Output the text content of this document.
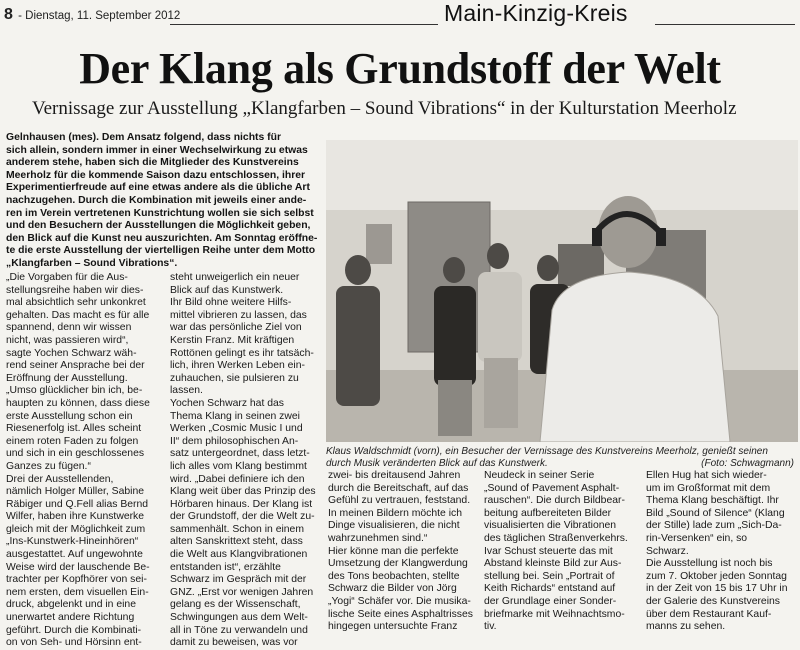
8 - Dienstag, 11. September 2012	Main-Kinzig-Kreis
Der Klang als Grundstoff der Welt
Vernissage zur Ausstellung „Klangfarben – Sound Vibrations“ in der Kulturstation Meerholz
Gelnhausen (mes). Dem Ansatz folgend, dass nichts für
sich allein, sondern immer in einer Wechselwirkung zu etwas
anderem stehe, haben sich die Mitglieder des Kunstvereins
Meerholz für die kommende Saison dazu entschlossen, ihrer
Experimentierfreude auf eine etwas andere als die übliche Art
nachzugehen. Durch die Kombination mit jeweils einer ande-
ren im Verein vertretenen Kunstrichtung wollen sie sich selbst
und den Besuchern der Ausstellungen die Möglichkeit geben,
den Blick auf die Kunst neu auszurichten. Am Sonntag eröffne-
te die erste Ausstellung der viertelligen Reihe unter dem Motto
„Klangfarben – Sound Vibrations“.
„Die Vorgaben für die Aus-
stellungsreihe haben wir dies-
mal absichtlich sehr unkonkret
gehalten. Das macht es für alle
spannend, denn wir wissen
nicht, was passieren wird“,
sagte Yochen Schwarz wäh-
rend seiner Ansprache bei der
Eröffnung der Ausstellung.
„Umso glücklicher bin ich, be-
haupten zu können, dass diese
erste Ausstellung schon ein
Riesenerfolg ist. Alles scheint
einem roten Faden zu folgen
und sich in ein geschlossenes
Ganzes zu fügen.“
Drei der Ausstellenden,
nämlich Holger Müller, Sabine
Räbiger und Q.Fell alias Bernd
Wilfer, haben ihre Kunstwerke
gleich mit der Möglichkeit zum
„Ins-Kunstwerk-Hineinhören“
ausgestattet. Auf ungewohnte
Weise wird der lauschende Be-
trachter per Kopfhörer von sei-
nem ersten, dem visuellen Ein-
druck, abgelenkt und in eine
unerwartet andere Richtung
geführt. Durch die Kombinati-
on von Seh- und Hörsinn ent-
steht unweigerlich ein neuer
Blick auf das Kunstwerk.
Ihr Bild ohne weitere Hilfs-
mittel vibrieren zu lassen, das
war das persönliche Ziel von
Kerstin Franz. Mit kräftigen
Rottönen gelingt es ihr tatsäch-
lich, ihren Werken Leben ein-
zuhauchen, sie pulsieren zu
lassen.
Yochen Schwarz hat das
Thema Klang in seinen zwei
Werken „Cosmic Music I und
II“ dem philosophischen An-
satz untergeordnet, dass letzt-
lich alles vom Klang bestimmt
wird. „Dabei definiere ich den
Klang weit über das Prinzip des
Hörbaren hinaus. Der Klang ist
der Grundstoff, der die Welt zu-
sammenhält. Schon in einem
alten Sanskrittext steht, dass
die Welt aus Klangvibrationen
entstanden ist“, erzählte
Schwarz im Gespräch mit der
GNZ. „Erst vor wenigen Jahren
gelang es der Wissenschaft,
Schwingungen aus dem Welt-
all in Töne zu verwandeln und
damit zu beweisen, was vor
zwei- bis dreitausend Jahren
durch die Bereitschaft, auf das
Gefühl zu vertrauen, feststand.
In meinen Bildern möchte ich
Dinge visualisieren, die nicht
wahrzunehmen sind.“
Hier könne man die perfekte
Umsetzung der Klangwerdung
des Tons beobachten, stellte
Schwarz die Bilder von Jörg
„Yogi“ Schäfer vor. Die musika-
lische Seite eines Asphaltrisses
hingegen untersuchte Franz
Neudeck in seiner Serie
„Sound of Pavement Asphalt-
rauschen“. Die durch Bildbear-
beitung aufbereiteten Bilder
visualisierten die Vibrationen
des täglichen Straßenverkehrs.
Ivar Schust steuerte das mit
Abstand kleinste Bild zur Aus-
stellung bei. Sein „Portrait of
Keith Richards“ entstand auf
der Grundlage einer Sonder-
briefmarke mit Weihnachtsmo-
tiv.
Ellen Hug hat sich wieder-
um im Großformat mit dem
Thema Klang beschäftigt. Ihr
Bild „Sound of Silence“ (Klang
der Stille) lade zum „Sich-Da-
rin-Versenken“ ein, so
Schwarz.
Die Ausstellung ist noch bis
zum 7. Oktober jeden Sonntag
in der Zeit von 15 bis 17 Uhr in
der Galerie des Kunstvereins
über dem Restaurant Kauf-
manns zu sehen.
Klaus Waldschmidt (vorn), ein Besucher der Vernissage des Kunstvereins Meerholz, genießt seinen
durch Musik veränderten Blick auf das Kunstwerk.	(Foto: Schwagmann)
